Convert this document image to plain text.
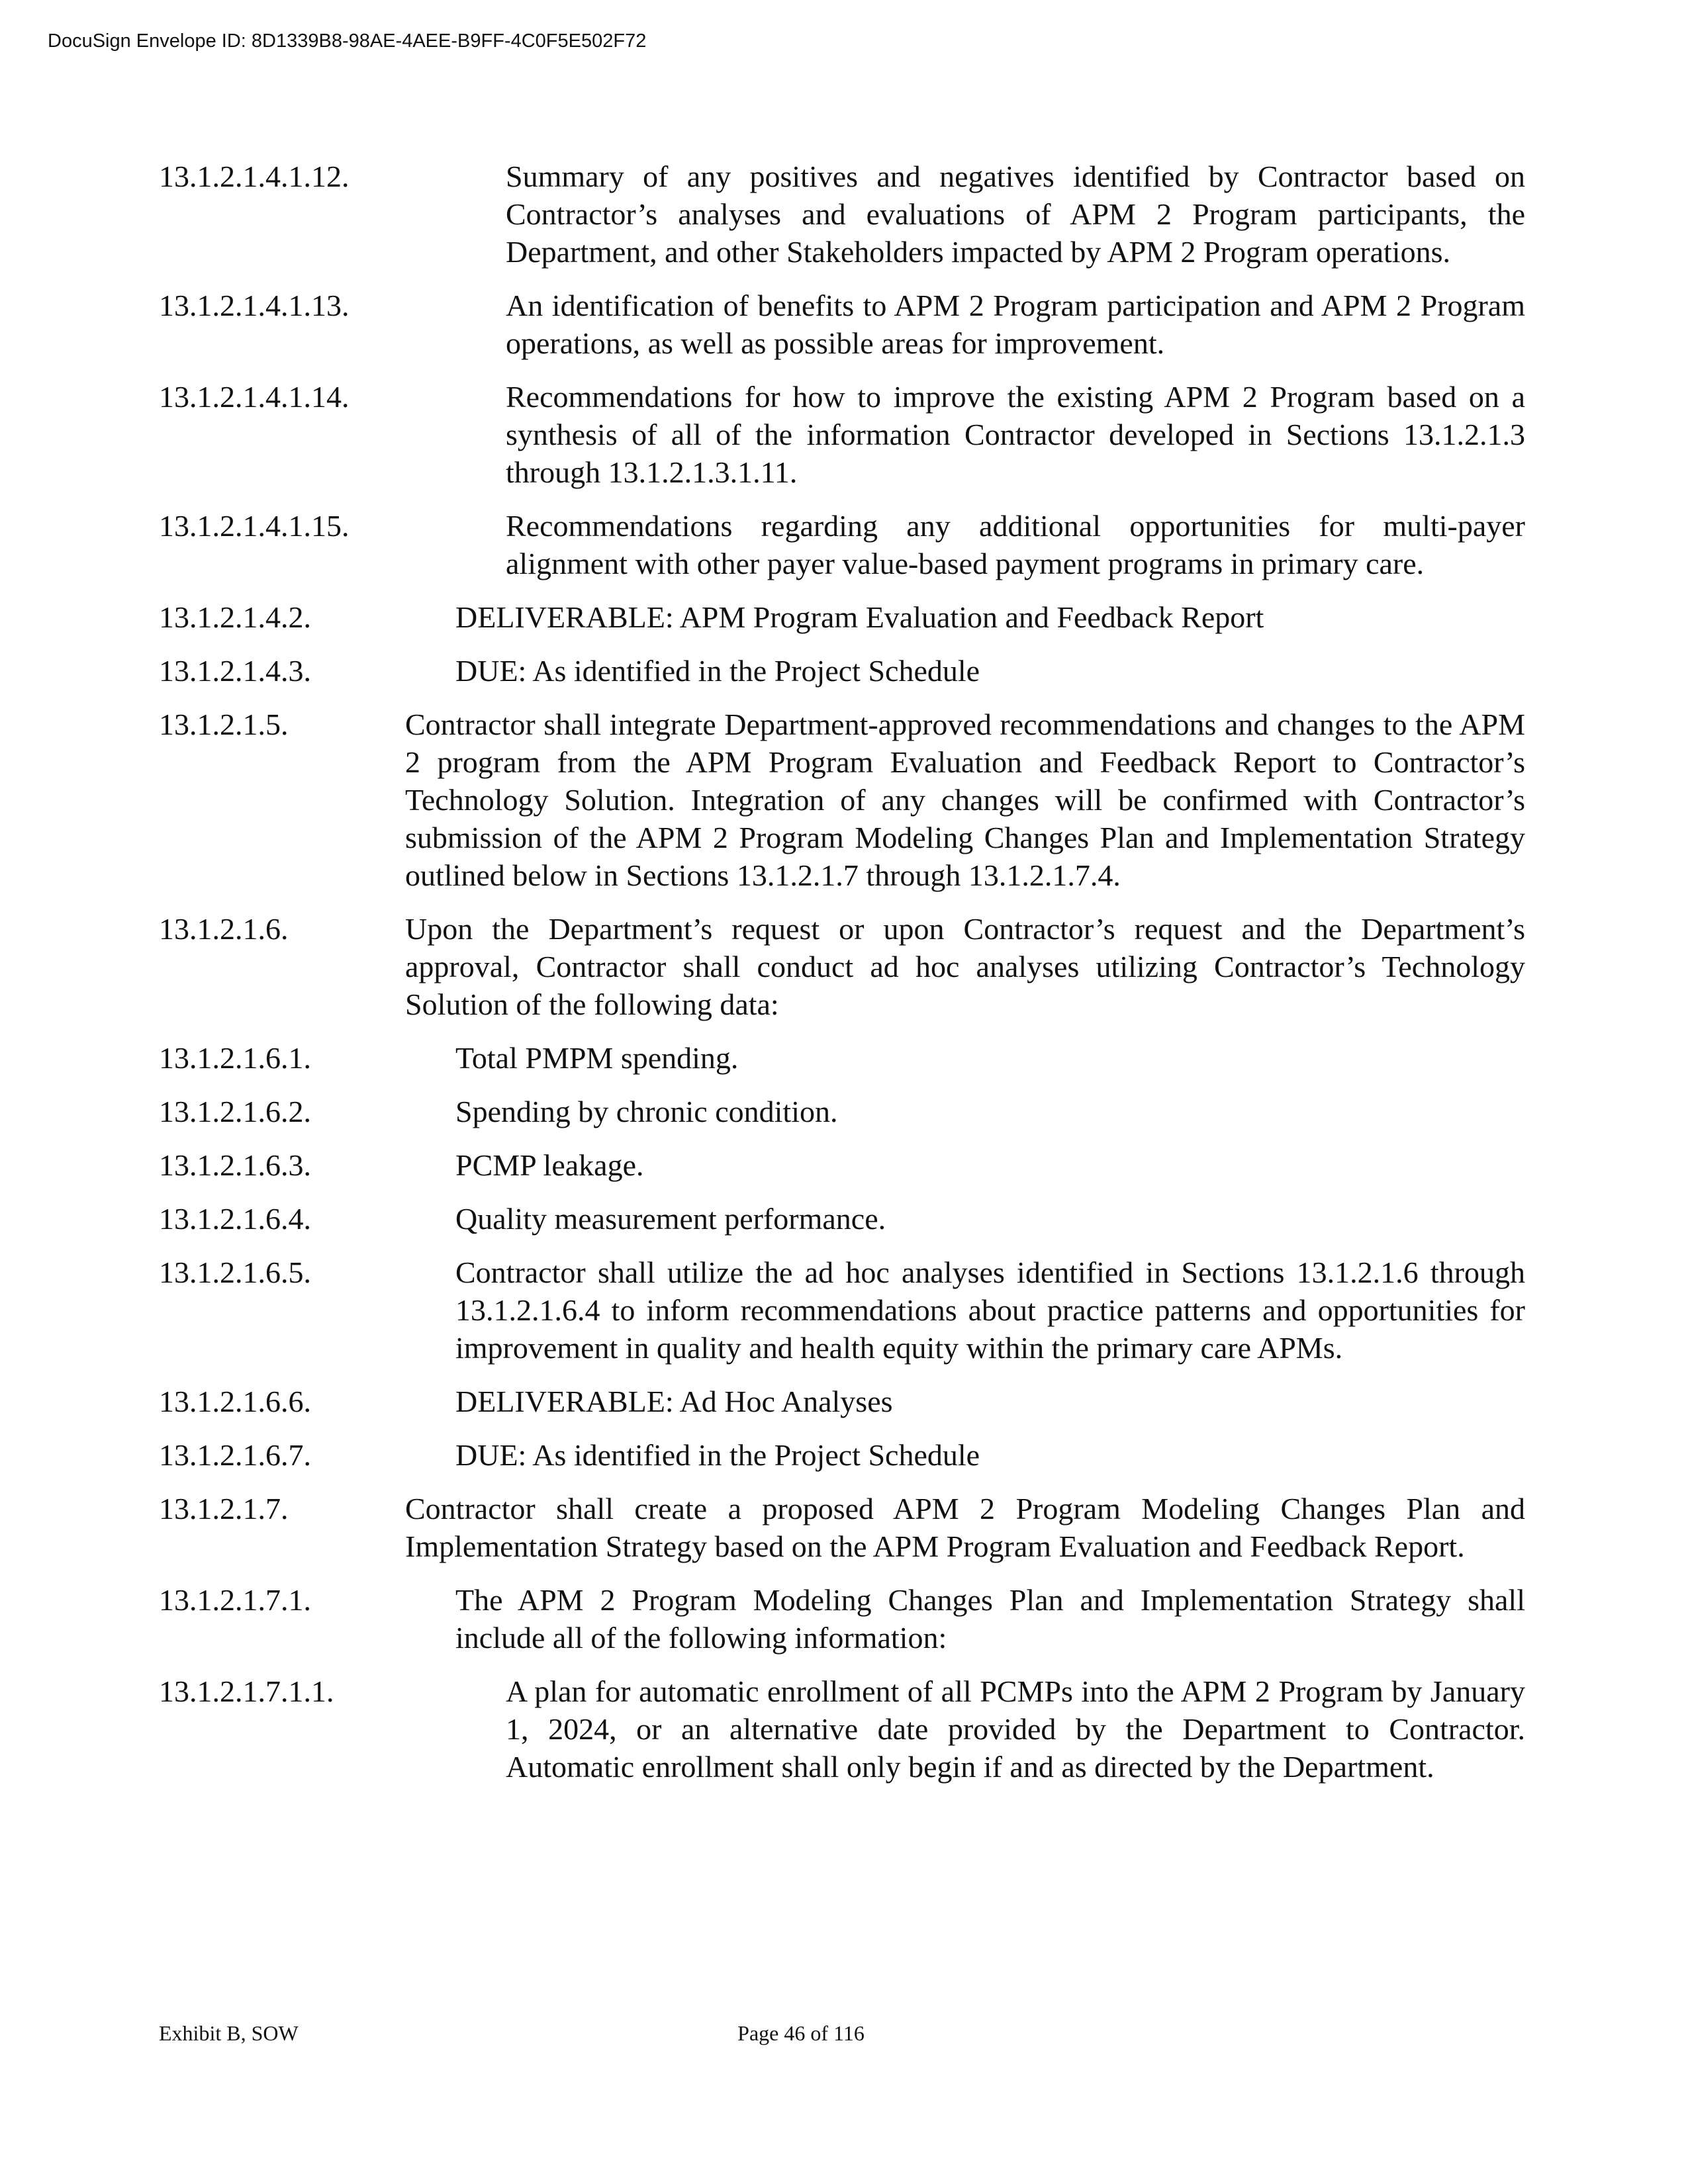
DocuSign Envelope ID: 8D1339B8-98AE-4AEE-B9FF-4C0F5E502F72
13.1.2.1.4.1.12.	Summary of any positives and negatives identified by Contractor based on Contractor’s analyses and evaluations of APM 2 Program participants, the Department, and other Stakeholders impacted by APM 2 Program operations.
13.1.2.1.4.1.13.	An identification of benefits to APM 2 Program participation and APM 2 Program operations, as well as possible areas for improvement.
13.1.2.1.4.1.14.	Recommendations for how to improve the existing APM 2 Program based on a synthesis of all of the information Contractor developed in Sections 13.1.2.1.3 through 13.1.2.1.3.1.11.
13.1.2.1.4.1.15.	Recommendations regarding any additional opportunities for multi-payer alignment with other payer value-based payment programs in primary care.
13.1.2.1.4.2.	DELIVERABLE: APM Program Evaluation and Feedback Report
13.1.2.1.4.3.	DUE: As identified in the Project Schedule
13.1.2.1.5.	Contractor shall integrate Department-approved recommendations and changes to the APM 2 program from the APM Program Evaluation and Feedback Report to Contractor’s Technology Solution. Integration of any changes will be confirmed with Contractor’s submission of the APM 2 Program Modeling Changes Plan and Implementation Strategy outlined below in Sections 13.1.2.1.7 through 13.1.2.1.7.4.
13.1.2.1.6.	Upon the Department’s request or upon Contractor’s request and the Department’s approval, Contractor shall conduct ad hoc analyses utilizing Contractor’s Technology Solution of the following data:
13.1.2.1.6.1.	Total PMPM spending.
13.1.2.1.6.2.	Spending by chronic condition.
13.1.2.1.6.3.	PCMP leakage.
13.1.2.1.6.4.	Quality measurement performance.
13.1.2.1.6.5.	Contractor shall utilize the ad hoc analyses identified in Sections 13.1.2.1.6 through 13.1.2.1.6.4 to inform recommendations about practice patterns and opportunities for improvement in quality and health equity within the primary care APMs.
13.1.2.1.6.6.	DELIVERABLE: Ad Hoc Analyses
13.1.2.1.6.7.	DUE: As identified in the Project Schedule
13.1.2.1.7.	Contractor shall create a proposed APM 2 Program Modeling Changes Plan and Implementation Strategy based on the APM Program Evaluation and Feedback Report.
13.1.2.1.7.1.	The APM 2 Program Modeling Changes Plan and Implementation Strategy shall include all of the following information:
13.1.2.1.7.1.1.	A plan for automatic enrollment of all PCMPs into the APM 2 Program by January 1, 2024, or an alternative date provided by the Department to Contractor. Automatic enrollment shall only begin if and as directed by the Department.
Exhibit B, SOW	Page 46 of 116
